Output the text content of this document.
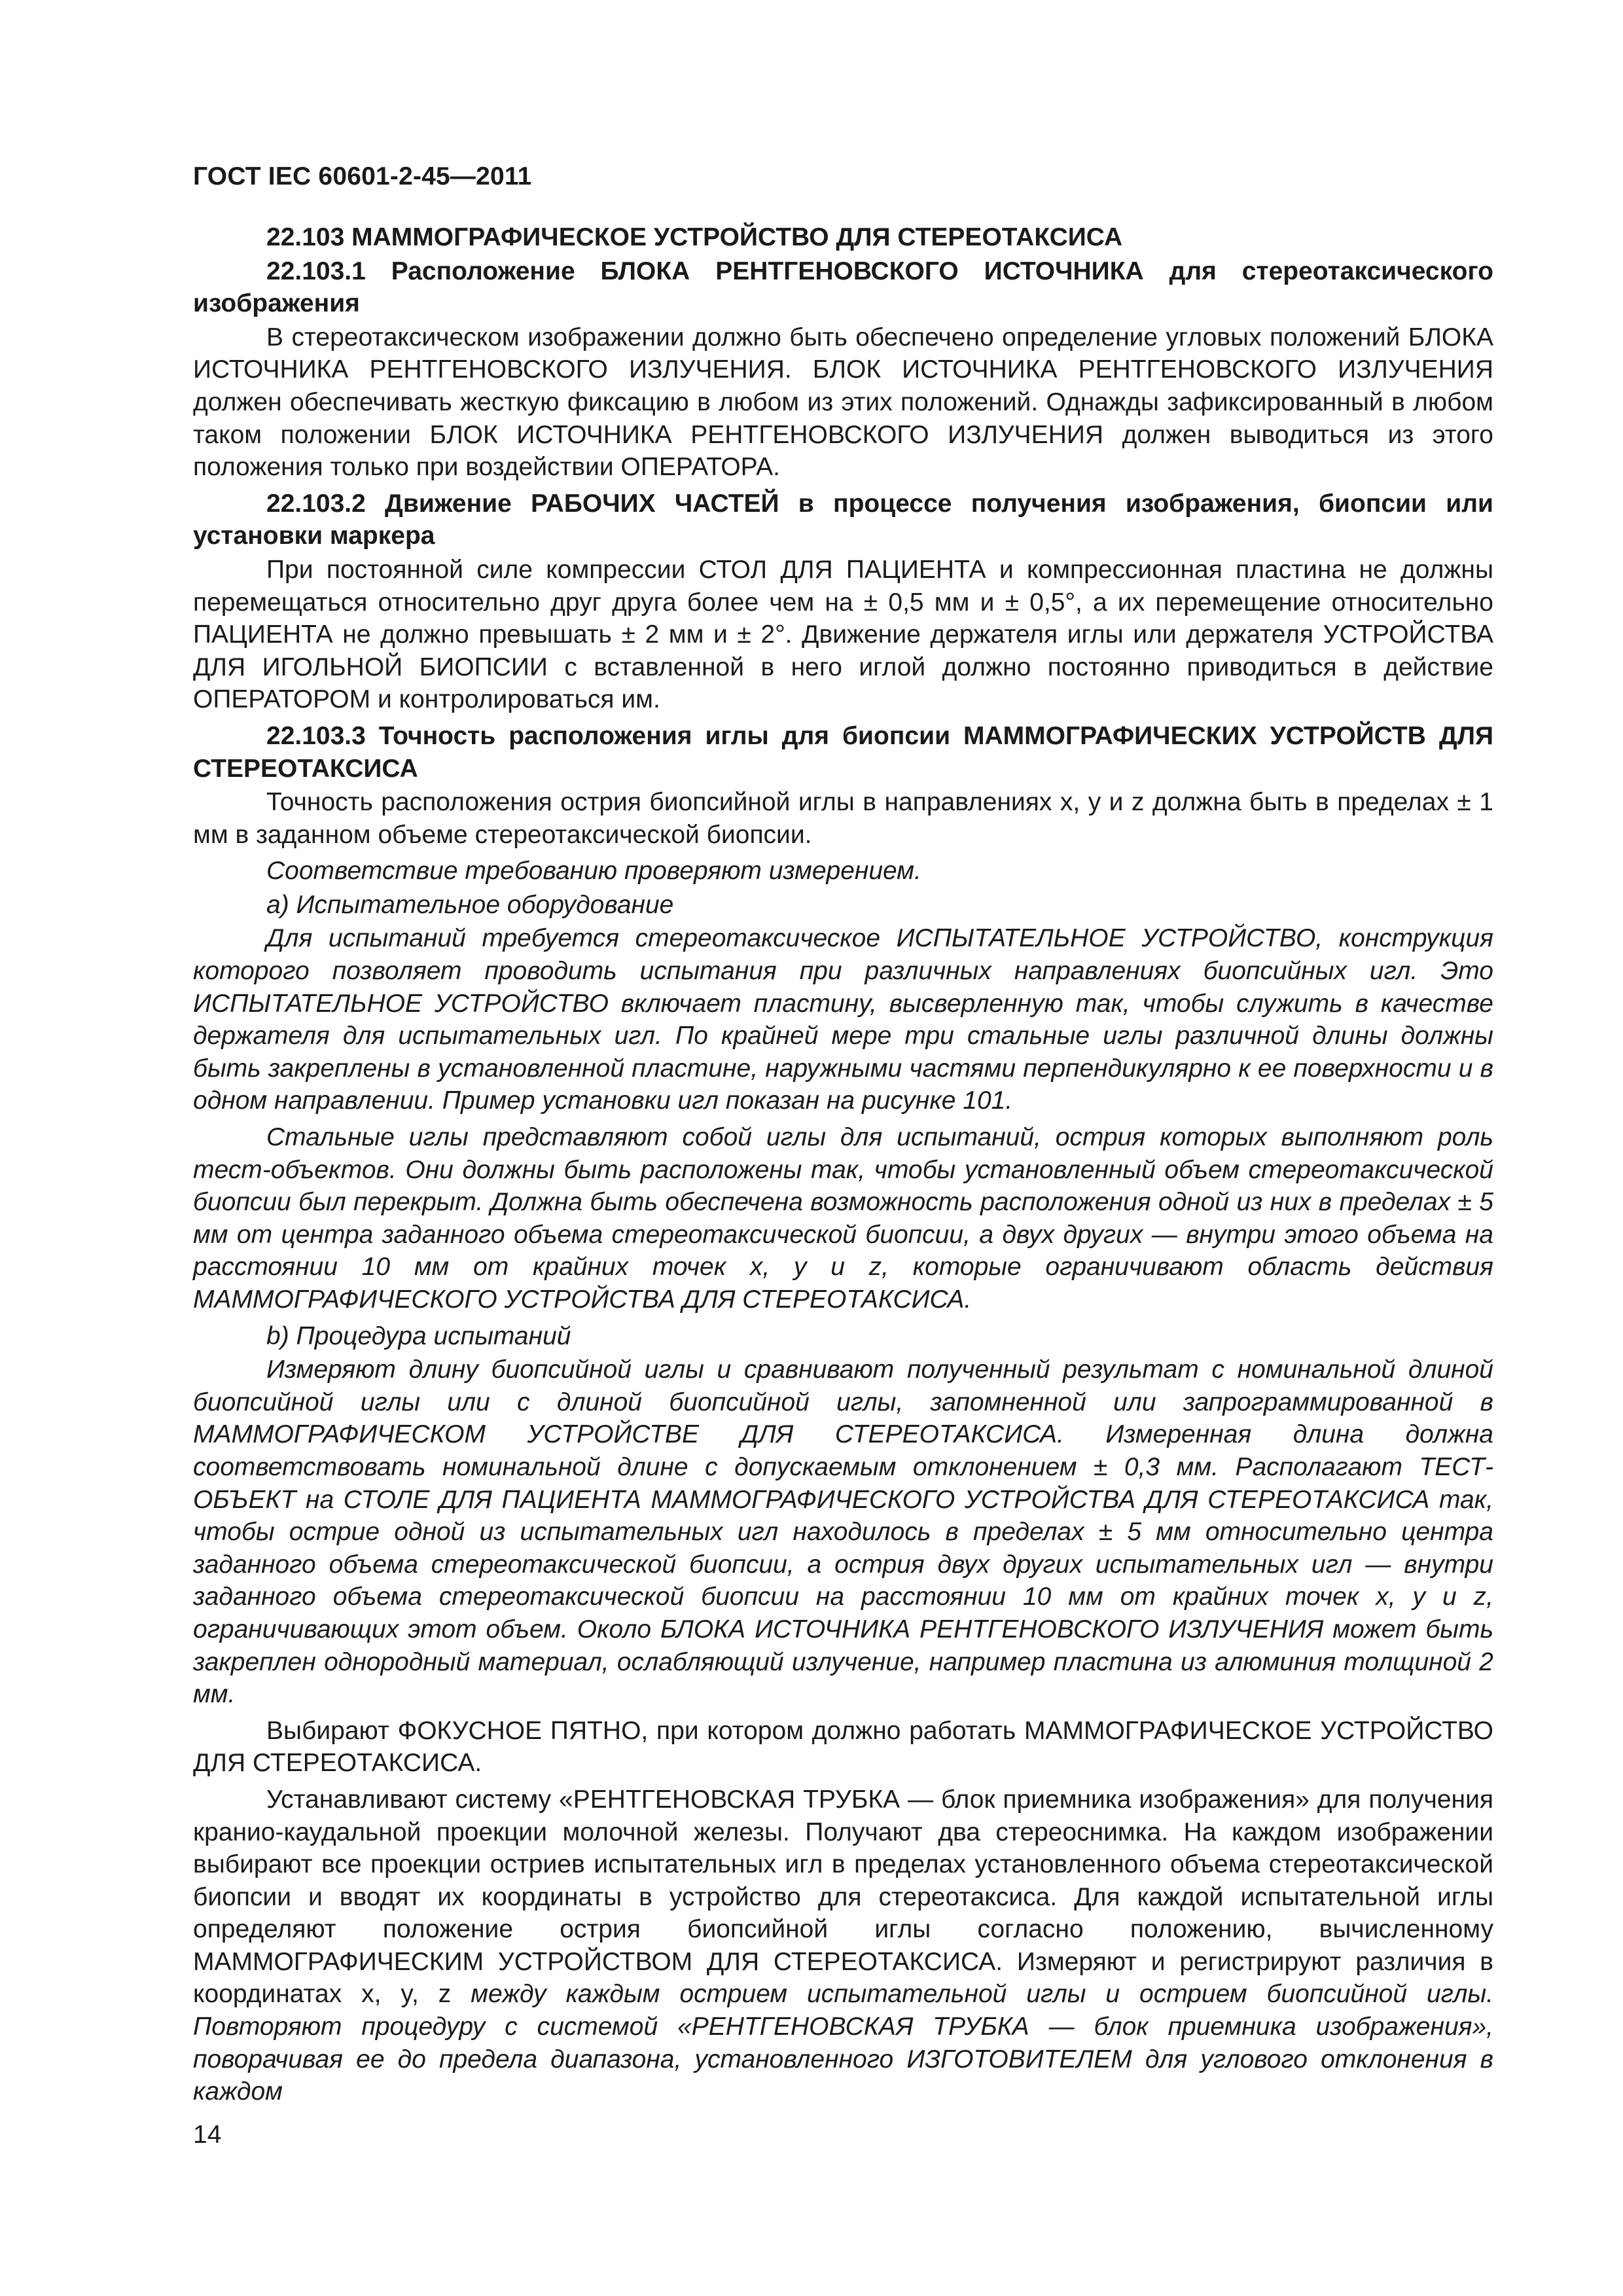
ГОСТ IEC 60601-2-45—2011

22.103 МАММОГРАФИЧЕСКОЕ УСТРОЙСТВО ДЛЯ СТЕРЕОТАКСИСА

22.103.1 Расположение БЛОКА РЕНТГЕНОВСКОГО ИСТОЧНИКА для стереотаксического изображения

В стереотаксическом изображении должно быть обеспечено определение угловых положений БЛОКА ИСТОЧНИКА РЕНТГЕНОВСКОГО ИЗЛУЧЕНИЯ. БЛОК ИСТОЧНИКА РЕНТГЕНОВСКОГО ИЗЛУЧЕНИЯ должен обеспечивать жесткую фиксацию в любом из этих положений. Однажды зафиксированный в любом таком положении БЛОК ИСТОЧНИКА РЕНТГЕНОВСКОГО ИЗЛУЧЕНИЯ должен выводиться из этого положения только при воздействии ОПЕРАТОРА.

22.103.2 Движение РАБОЧИХ ЧАСТЕЙ в процессе получения изображения, биопсии или установки маркера

При постоянной силе компрессии СТОЛ ДЛЯ ПАЦИЕНТА и компрессионная пластина не должны перемещаться относительно друг друга более чем на ± 0,5 мм и ± 0,5°, а их перемещение относительно ПАЦИЕНТА не должно превышать ± 2 мм и ± 2°. Движение держателя иглы или держателя УСТРОЙСТВА ДЛЯ ИГОЛЬНОЙ БИОПСИИ с вставленной в него иглой должно постоянно приводиться в действие ОПЕРАТОРОМ и контролироваться им.

22.103.3 Точность расположения иглы для биопсии МАММОГРАФИЧЕСКИХ УСТРОЙСТВ ДЛЯ СТЕРЕОТАКСИСА

Точность расположения острия биопсийной иглы в направлениях x, y и z должна быть в пределах ± 1 мм в заданном объеме стереотаксической биопсии.

Соответствие требованию проверяют измерением.

a) Испытательное оборудование

Для испытаний требуется стереотаксическое ИСПЫТАТЕЛЬНОЕ УСТРОЙСТВО, конструкция которого позволяет проводить испытания при различных направлениях биопсийных игл. Это ИСПЫТАТЕЛЬНОЕ УСТРОЙСТВО включает пластину, высверленную так, чтобы служить в качестве держателя для испытательных игл. По крайней мере три стальные иглы различной длины должны быть закреплены в установленной пластине, наружными частями перпендикулярно к ее поверхности и в одном направлении. Пример установки игл показан на рисунке 101.

Стальные иглы представляют собой иглы для испытаний, острия которых выполняют роль тест-объектов. Они должны быть расположены так, чтобы установленный объем стереотаксической биопсии был перекрыт. Должна быть обеспечена возможность расположения одной из них в пределах ± 5 мм от центра заданного объема стереотаксической биопсии, а двух других — внутри этого объема на расстоянии 10 мм от крайних точек x, y и z, которые ограничивают область действия МАММОГРАФИЧЕСКОГО УСТРОЙСТВА ДЛЯ СТЕРЕОТАКСИСА.

b) Процедура испытаний

Измеряют длину биопсийной иглы и сравнивают полученный результат с номинальной длиной биопсийной иглы или с длиной биопсийной иглы, запомненной или запрограммированной в МАММОГРАФИЧЕСКОМ УСТРОЙСТВЕ ДЛЯ СТЕРЕОТАКСИСА. Измеренная длина должна соответствовать номинальной длине с допускаемым отклонением ± 0,3 мм. Располагают ТЕСТ-ОБЪЕКТ на СТОЛЕ ДЛЯ ПАЦИЕНТА МАММОГРАФИЧЕСКОГО УСТРОЙСТВА ДЛЯ СТЕРЕОТАКСИСА так, чтобы острие одной из испытательных игл находилось в пределах ± 5 мм относительно центра заданного объема стереотаксической биопсии, а острия двух других испытательных игл — внутри заданного объема стереотаксической биопсии на расстоянии 10 мм от крайних точек x, y и z, ограничивающих этот объем. Около БЛОКА ИСТОЧНИКА РЕНТГЕНОВСКОГО ИЗЛУЧЕНИЯ может быть закреплен однородный материал, ослабляющий излучение, например пластина из алюминия толщиной 2 мм.

Выбирают ФОКУСНОЕ ПЯТНО, при котором должно работать МАММОГРАФИЧЕСКОЕ УСТРОЙСТВО ДЛЯ СТЕРЕОТАКСИСА.

Устанавливают систему «РЕНТГЕНОВСКАЯ ТРУБКА — блок приемника изображения» для получения кранио-каудальной проекции молочной железы. Получают два стереоснимка. На каждом изображении выбирают все проекции остриев испытательных игл в пределах установленного объема стереотаксической биопсии и вводят их координаты в устройство для стереотаксиса. Для каждой испытательной иглы определяют положение острия биопсийной иглы согласно положению, вычисленному МАММОГРАФИЧЕСКИМ УСТРОЙСТВОМ ДЛЯ СТЕРЕОТАКСИСА. Измеряют и регистрируют различия в координатах x, y, z между каждым острием испытательной иглы и острием биопсийной иглы. Повторяют процедуру с системой «РЕНТГЕНОВСКАЯ ТРУБКА — блок приемника изображения», поворачивая ее до предела диапазона, установленного ИЗГОТОВИТЕЛЕМ для углового отклонения в каждом

14
